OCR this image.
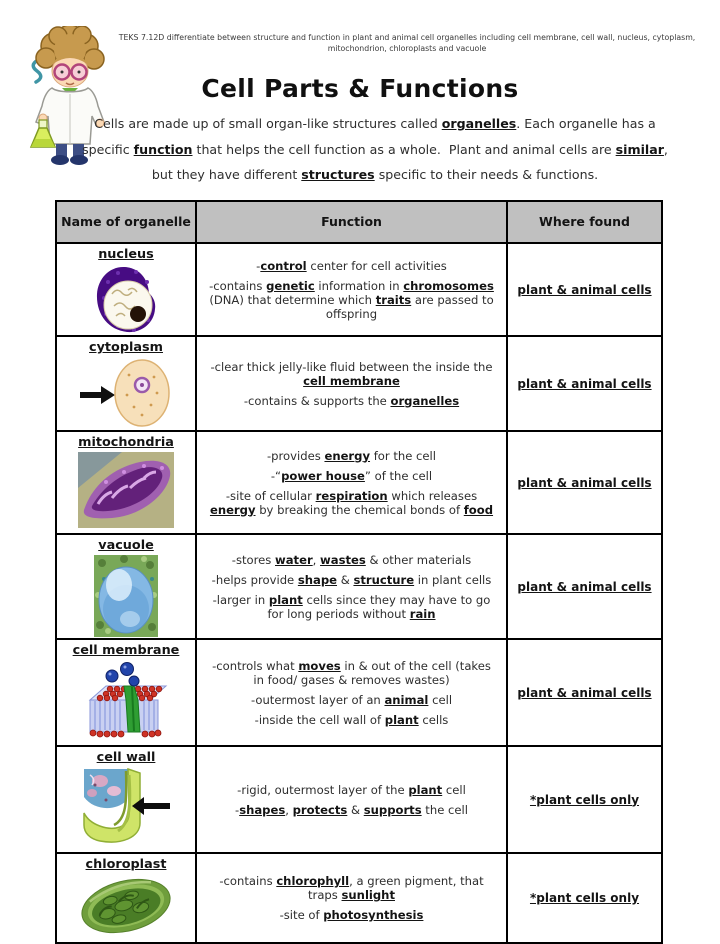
TEKS 7.12D differentiate between structure and function in plant and animal cell organelles including cell membrane, cell wall, nucleus, cytoplasm, mitochondrion, chloroplasts and vacuole
Cell Parts & Functions
Cells are made up of small organ-like structures called organelles. Each organelle has a specific function that helps the cell function as a whole.  Plant and animal cells are similar, but they have different structures specific to their needs & functions.
Name of organelle	Function	Where found

nucleus	-control center for cell activities
-contains genetic information in chromosomes (DNA) that determine which traits are passed to offspring	plant & animal cells

cytoplasm	-clear thick jelly-like fluid between the inside the cell membrane
-contains & supports the organelles	plant & animal cells

mitochondria	-provides energy for the cell
-“power house” of the cell
-site of cellular respiration which releases energy by breaking the chemical bonds of food	plant & animal cells

vacuole	-stores water, wastes & other materials
-helps provide shape & structure in plant cells
-larger in plant cells since they may have to go for long periods without rain	plant & animal cells

cell membrane	-controls what moves in & out of the cell (takes in food/ gases & removes wastes)
-outermost layer of an animal cell
-inside the cell wall of plant cells	plant & animal cells

cell wall	-rigid, outermost layer of the plant cell
-shapes, protects & supports the cell	*plant cells only

chloroplast	-contains chlorophyll, a green pigment, that traps sunlight
-site of photosynthesis	*plant cells only
